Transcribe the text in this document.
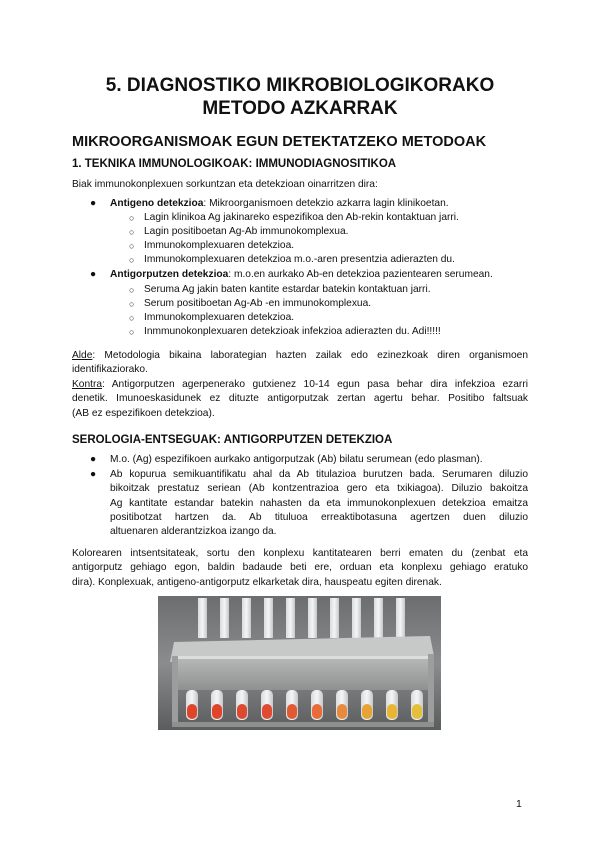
5. DIAGNOSTIKO MIKROBIOLOGIKORAKO
METODO AZKARRAK
MIKROORGANISMOAK EGUN DETEKTATZEKO METODOAK
1. TEKNIKA IMMUNOLOGIKOAK: IMMUNODIAGNOSITIKOA
Biak immunokonplexuen sorkuntzan eta detekzioan oinarritzen dira:
● Antigeno detekzioa: Mikroorganismoen detekzio azkarra lagin klinikoetan.
○ Lagin klinikoa Ag jakinareko espezifikoa den Ab-rekin kontaktuan jarri.
○ Lagin positiboetan Ag-Ab immunokomplexua.
○ Immunokomplexuaren detekzioa.
○ Immunokomplexuaren detekzioa m.o.-aren presentzia adierazten du.
● Antigorputzen detekzioa: m.o.en aurkako Ab-en detekzioa pazientearen serumean.
○ Seruma Ag jakin baten kantite estardar batekin kontaktuan jarri.
○ Serum positiboetan Ag-Ab -en immunokomplexua.
○ Immunokomplexuaren detekzioa.
○ Inmmunokonplexuaren detekzioak infekzioa adierazten du. Adi!!!!!
Alde: Metodologia bikaina laborategian hazten zailak edo ezinezkoak diren organismoen
identifikaziorako.
Kontra: Antigorputzen agerpenerako gutxienez 10-14 egun pasa behar dira infekzioa ezarri
denetik. Imunoeskasidunek ez dituzte antigorputzak zertan agertu behar. Positibo faltsuak
(AB ez espezifikoen detekzioa).
SEROLOGIA-ENTSEGUAK: ANTIGORPUTZEN DETEKZIOA
● M.o. (Ag) espezifikoen aurkako antigorputzak (Ab) bilatu serumean (edo plasman).
● Ab kopurua semikuantifikatu ahal da Ab titulazioa burutzen bada. Serumaren diluzio
bikoitzak prestatuz seriean (Ab kontzentrazioa gero eta txikiagoa). Diluzio bakoitza
Ag kantitate estandar batekin nahasten da eta immunokonplexuen detekzioa emaitza
positibotzat hartzen da. Ab tituluoa erreaktibotasuna agertzen duen diluzio
altuenaren alderantzizkoa izango da.
Kolorearen intsentsitateak, sortu den konplexu kantitatearen berri ematen du (zenbat eta
antigorputz gehiago egon, baldin badaude beti ere, orduan eta konplexu gehiago eratuko
dira). Konplexuak, antigeno-antigorputz elkarketak dira, hauspeatu egiten direnak.
1
